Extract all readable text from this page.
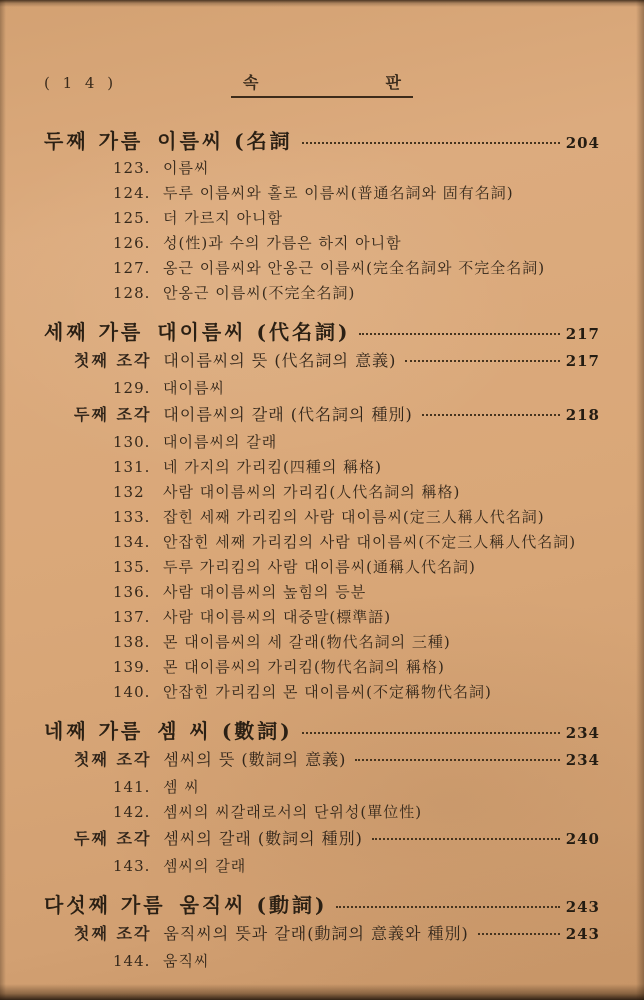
( 1 4 )	속	판
두째 가름 이름씨 (名詞	204
123. 이름씨
124. 두루 이름씨와 홀로 이름씨(普通名詞와 固有名詞)
125. 더 가르지 아니함
126. 성(性)과 수의 가름은 하지 아니함
127. 옹근 이름씨와 안옹근 이름씨(完全名詞와 不完全名詞)
128. 안옹근 이름씨(不完全名詞)
세째 가름 대이름씨 (代名詞)	217
첫째 조각 대이름씨의 뜻 (代名詞의 意義)	217
129. 대이름씨
두째 조각 대이름씨의 갈래 (代名詞의 種別)	218
130. 대이름씨의 갈래
131. 네 가지의 가리킴(四種의 稱格)
132	사람 대이름씨의 가리킴(人代名詞의 稱格)
133. 잡힌 세째 가리킴의 사람 대이름씨(定三人稱人代名詞)
134. 안잡힌 세째 가리킴의 사람 대이름씨(不定三人稱人代名詞)
135. 두루 가리킴의 사람 대이름씨(通稱人代名詞)
136. 사람 대이름씨의 높힘의 등분
137. 사람 대이름씨의 대중말(標準語)
138. 몬 대이름씨의 세 갈래(物代名詞의 三種)
139. 몬 대이름씨의 가리킴(物代名詞의 稱格)
140. 안잡힌 가리킴의 몬 대이름씨(不定稱物代名詞)
네째 가름 셈 씨 (數詞)	234
첫째 조각 셈씨의 뜻 (數詞의 意義)	234
141. 셈 씨
142. 셈씨의 씨갈래로서의 단위성(單位性)
두째 조각 셈씨의 갈래 (數詞의 種別)	240
143. 셈씨의 갈래
다섯째 가름 움직씨 (動詞)	243
첫째 조각 움직씨의 뜻과 갈래(動詞의 意義와 種別)	243
144. 움직씨
